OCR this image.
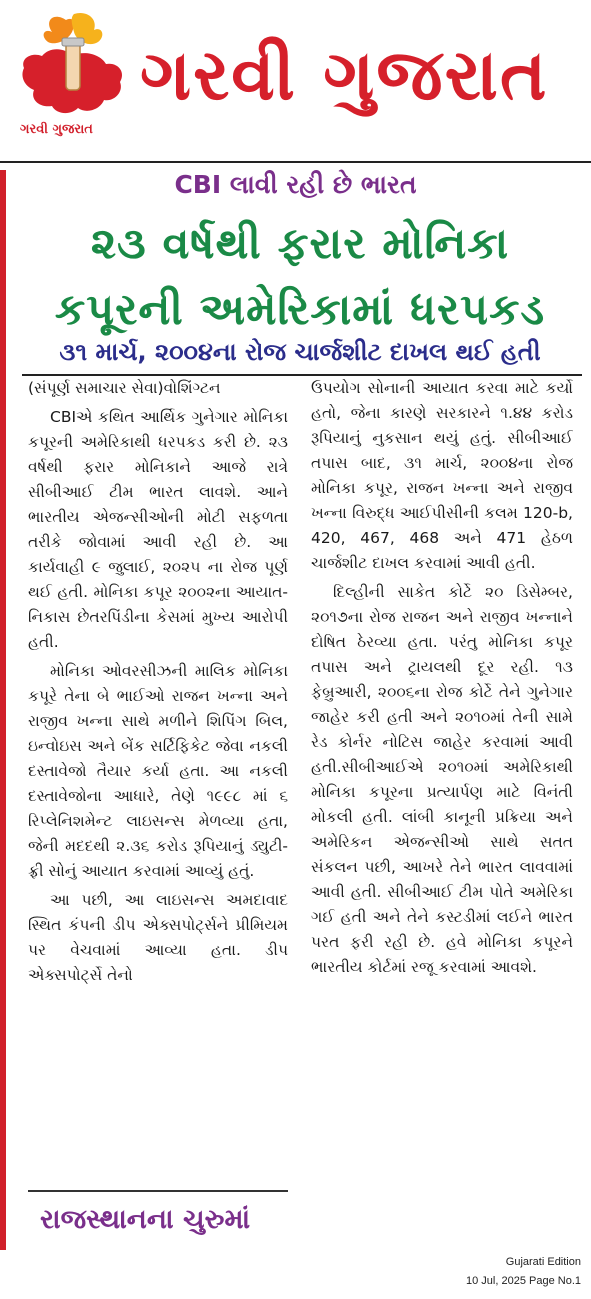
ગરવી ગુજરાત
ગરવી ગુજરાત
CBI લાવી રહી છે ભારત
૨૩ વર્ષથી ફરાર મોનિકા
કપૂરની અમેરિકામાં ધરપકડ
૩૧ માર્ચ, ૨૦૦૪ના રોજ ચાર્જશીટ દાખલ થઈ હતી

(સંપૂર્ણ સમાચાર સેવા)વોશિંગ્ટન

CBIએ કથિત આર્થિક ગુનેગાર મોનિકા કપૂરની અમેરિકાથી ધરપકડ કરી છે. ૨૩ વર્ષથી ફરાર મોનિકાને આજે રાત્રે સીબીઆઈ ટીમ ભારત લાવશે. આને ભારતીય એજન્સીઓની મોટી સફળતા તરીકે જોવામાં આવી રહી છે. આ કાર્યવાહી ૯ જુલાઈ, ૨૦૨૫ ના રોજ પૂર્ણ થઈ હતી. મોનિકા કપૂર ૨૦૦૨ના આયાત-નિકાસ છેતરપિંડીના કેસમાં મુખ્ય આરોપી હતી.

મોનિકા ઓવરસીઝની માલિક મોનિકા કપૂરે તેના બે ભાઈઓ રાજન ખન્ના અને રાજીવ ખન્ના સાથે મળીને શિપિંગ બિલ, ઇન્વોઇસ અને બેંક સર્ટિફિકેટ જેવા નકલી દસ્તાવેજો તૈયાર કર્યા હતા. આ નકલી દસ્તાવેજોના આધારે, તેણે ૧૯૯૮ માં ૬ રિપ્લેનિશમેન્ટ લાઇસન્સ મેળવ્યા હતા, જેની મદદથી ૨.૩૬ કરોડ રૂપિયાનું ડ્યુટી-ફ્રી સોનું આયાત કરવામાં આવ્યું હતું.

આ પછી, આ લાઇસન્સ અમદાવાદ સ્થિત કંપની ડીપ એક્સપોર્ટ્સને પ્રીમિયમ પર વેચવામાં આવ્યા હતા. ડીપ એક્સપોર્ટ્સે તેનો

ઉપયોગ સોનાની આયાત કરવા માટે કર્યો હતો, જેના કારણે સરકારને ૧.૪૪ કરોડ રૂપિયાનું નુકસાન થયું હતું. સીબીઆઈ તપાસ બાદ, ૩૧ માર્ચ, ૨૦૦૪ના રોજ મોનિકા કપૂર, રાજન ખન્ના અને રાજીવ ખન્ના વિરુદ્ધ આઈપીસીની કલમ 120-b, 420, 467, 468 અને 471 હેઠળ ચાર્જશીટ દાખલ કરવામાં આવી હતી.

દિલ્હીની સાકેત કોર્ટે ૨૦ ડિસેમ્બર, ૨૦૧૭ના રોજ રાજન અને રાજીવ ખન્નાને દોષિત ઠેરવ્યા હતા. પરંતુ મોનિકા કપૂર તપાસ અને ટ્રાયલથી દૂર રહી. ૧૩ ફેબ્રુઆરી, ૨૦૦૬ના રોજ કોર્ટે તેને ગુનેગાર જાહેર કરી હતી અને ૨૦૧૦માં તેની સામે રેડ કોર્નર નોટિસ જાહેર કરવામાં આવી હતી.સીબીઆઈએ ૨૦૧૦માં અમેરિકાથી મોનિકા કપૂરના પ્રત્યાર્પણ માટે વિનંતી મોકલી હતી. લાંબી કાનૂની પ્રક્રિયા અને અમેરિકન એજન્સીઓ સાથે સતત સંકલન પછી, આખરે તેને ભારત લાવવામાં આવી હતી. સીબીઆઈ ટીમ પોતે અમેરિકા ગઈ હતી અને તેને કસ્ટડીમાં લઈને ભારત પરત ફરી રહી છે. હવે મોનિકા કપૂરને ભારતીય કોર્ટમાં રજૂ કરવામાં આવશે.

રાજસ્થાનના ચુરુમાં
Gujarati Edition
10 Jul, 2025 Page No.1
